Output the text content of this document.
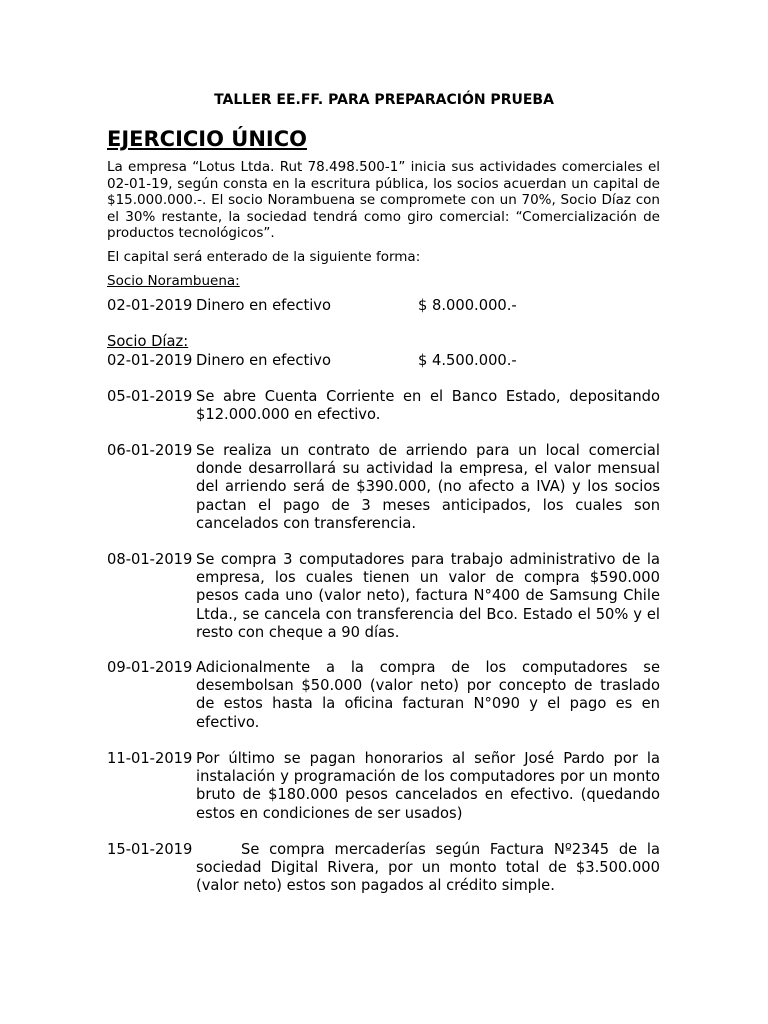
TALLER EE.FF. PARA PREPARACIÓN PRUEBA
EJERCICIO ÚNICO

La empresa “Lotus Ltda. Rut 78.498.500-1” inicia sus actividades comerciales el 02-01-19, según consta en la escritura pública, los socios acuerdan un capital de $15.000.000.-. El socio Norambuena se compromete con un 70%, Socio Díaz con el 30% restante, la sociedad tendrá como giro comercial: “Comercialización de productos tecnológicos”.

El capital será enterado de la siguiente forma:

Socio Norambuena:
02-01-2019 Dinero en efectivo	$ 8.000.000.-
Socio Díaz:
02-01-2019 Dinero en efectivo	$ 4.500.000.-
05-01-2019 Se abre Cuenta Corriente en el Banco Estado, depositando $12.000.000 en efectivo.
06-01-2019 Se realiza un contrato de arriendo para un local comercial donde desarrollará su actividad la empresa, el valor mensual del arriendo será de $390.000, (no afecto a IVA) y los socios pactan el pago de 3 meses anticipados, los cuales son cancelados con transferencia.
08-01-2019 Se compra 3 computadores para trabajo administrativo de la empresa, los cuales tienen un valor de compra $590.000 pesos cada uno (valor neto), factura N°400 de Samsung Chile Ltda., se cancela con transferencia del Bco. Estado el 50% y el resto con cheque a 90 días.
09-01-2019 Adicionalmente a la compra de los computadores se desembolsan $50.000 (valor neto) por concepto de traslado de estos hasta la oficina facturan N°090 y el pago es en efectivo.
11-01-2019 Por último se pagan honorarios al señor José Pardo por la instalación y programación de los computadores por un monto bruto de $180.000 pesos cancelados en efectivo. (quedando estos en condiciones de ser usados)
15-01-2019	Se compra mercaderías según Factura Nº2345 de la sociedad Digital Rivera, por un monto total de $3.500.000 (valor neto) estos son pagados al crédito simple.
